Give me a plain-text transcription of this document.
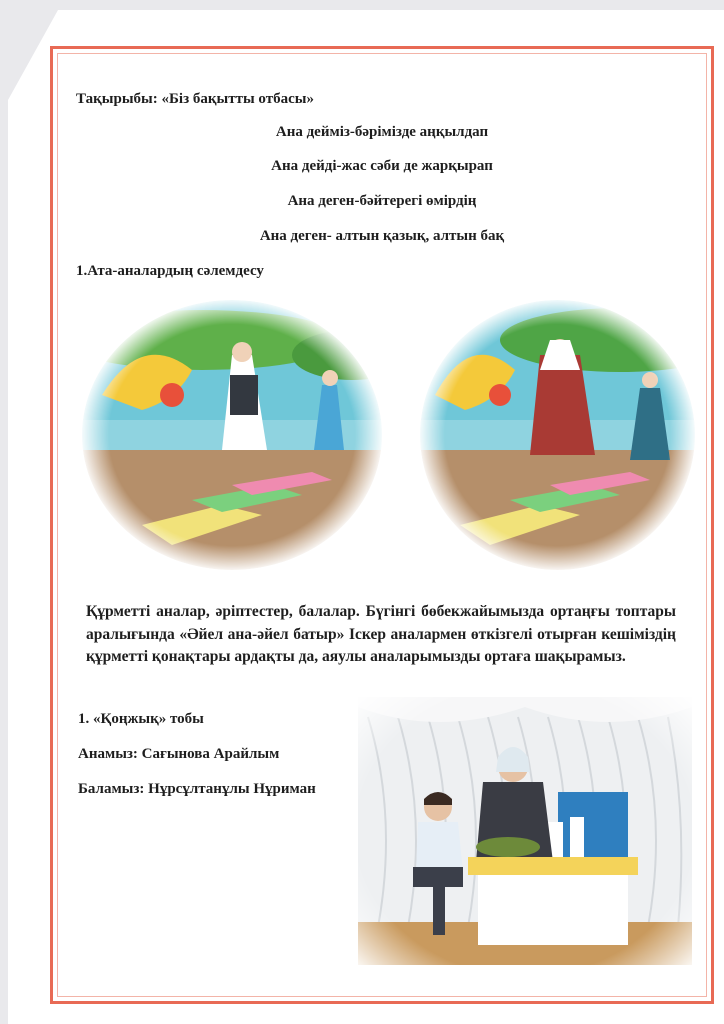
Тақырыбы: «Біз бақытты отбасы»
Ана дейміз-бәрімізде аңқылдап
Ана дейді-жас сәби де жарқырап
Ана деген-бәйтерегі өмірдің
Ана деген- алтын қазық, алтын бақ
1.Ата-аналардың сәлемдесу
Құрметті аналар, әріптестер, балалар. Бүгінгі бөбекжайымызда ортаңғы топтары аралығында «Әйел ана-әйел батыр» Іскер аналармен өткізгелі отырған кешіміздің құрметті қонақтары ардақты да, аяулы аналарымызды ортаға шақырамыз.
1. «Қоңжық» тобы
Анамыз: Сағынова Арайлым
Баламыз: Нұрсұлтанұлы Нұриман
